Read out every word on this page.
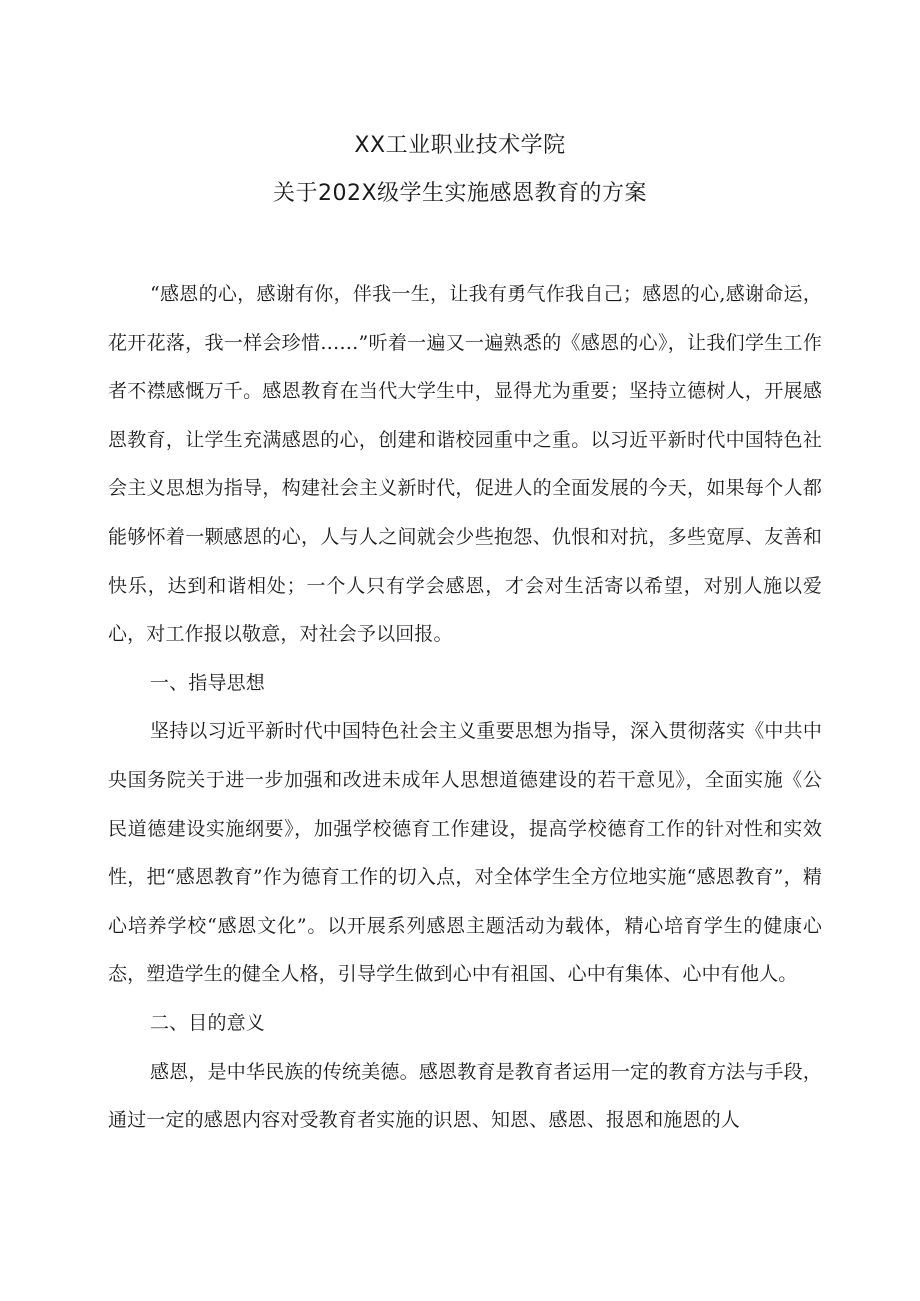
XX工业职业技术学院

关于202X级学生实施感恩教育的方案

“感恩的心，感谢有你，伴我一生，让我有勇气作我自己；感恩的心,感谢命运，花开花落，我一样会珍惜……”听着一遍又一遍熟悉的《感恩的心》，让我们学生工作者不襟感慨万千。感恩教育在当代大学生中，显得尤为重要；坚持立德树人，开展感恩教育，让学生充满感恩的心，创建和谐校园重中之重。以习近平新时代中国特色社会主义思想为指导，构建社会主义新时代，促进人的全面发展的今天，如果每个人都能够怀着一颗感恩的心，人与人之间就会少些抱怨、仇恨和对抗，多些宽厚、友善和快乐，达到和谐相处；一个人只有学会感恩，才会对生活寄以希望，对别人施以爱心，对工作报以敬意，对社会予以回报。

一、指导思想

坚持以习近平新时代中国特色社会主义重要思想为指导，深入贯彻落实《中共中央国务院关于进一步加强和改进未成年人思想道德建设的若干意见》，全面实施《公民道德建设实施纲要》，加强学校德育工作建设，提高学校德育工作的针对性和实效性，把“感恩教育”作为德育工作的切入点，对全体学生全方位地实施“感恩教育”，精心培养学校“感恩文化”。以开展系列感恩主题活动为载体，精心培育学生的健康心态，塑造学生的健全人格，引导学生做到心中有祖国、心中有集体、心中有他人。

二、目的意义

感恩，是中华民族的传统美德。感恩教育是教育者运用一定的教育方法与手段，通过一定的感恩内容对受教育者实施的识恩、知恩、感恩、报恩和施恩的人
